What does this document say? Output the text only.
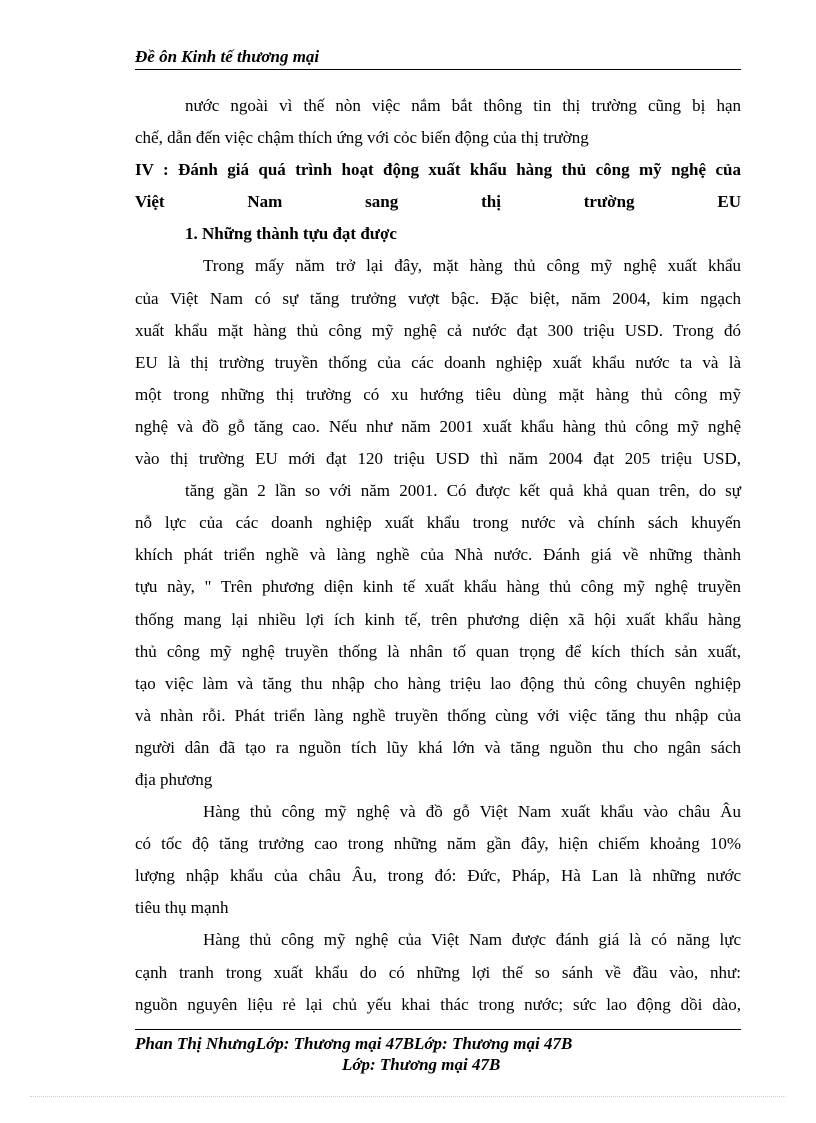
Đề ôn Kinh tế thương mại
nước ngoài vì thế nòn việc nắm bắt thông tin thị trường cũng bị hạn
chế, dẫn đến việc chậm thích ứng với cỏc biến động của thị trường
IV : Đánh giá quá trình hoạt động xuất khẩu hàng thủ công mỹ nghệ của
Việt Nam sang thị trường EU
1. Những thành tựu đạt được
Trong mấy năm trở lại đây, mặt hàng thủ công mỹ nghệ xuất khẩu
của Việt Nam có sự tăng trưởng vượt bậc. Đặc biệt, năm 2004, kim ngạch
xuất khẩu mặt hàng thủ công mỹ nghệ cả nước đạt 300 triệu USD. Trong đó
EU là thị trường truyền thống của các doanh nghiệp xuất khẩu nước ta và là
một trong những thị trường có xu hướng tiêu dùng mặt hàng thủ công mỹ
nghệ và đồ gỗ tăng cao. Nếu như năm 2001 xuất khẩu hàng thủ công mỹ nghệ
vào thị trường EU mới đạt 120 triệu USD thì năm 2004 đạt 205 triệu USD,
tăng gần 2 lần so với năm 2001. Có được kết quả khả quan trên, do sự
nỗ lực của các doanh nghiệp xuất khẩu trong nước và chính sách khuyến
khích phát triển nghề và làng nghề của Nhà nước. Đánh giá về những thành
tựu này, " Trên phương diện kinh tế xuất khẩu hàng thủ công mỹ nghệ truyền
thống mang lại nhiều lợi ích kinh tế, trên phương diện xã hội xuất khẩu hàng
thủ công mỹ nghệ truyền thống là nhân tố quan trọng để kích thích sản xuất,
tạo việc làm và tăng thu nhập cho hàng triệu lao động thủ công chuyên nghiệp
và nhàn rỗi. Phát triển làng nghề truyền thống cùng với việc tăng thu nhập của
người dân đã tạo ra nguồn tích lũy khá lớn và tăng nguồn thu cho ngân sách
địa phương
Hàng thủ công mỹ nghệ và đồ gỗ Việt Nam xuất khẩu vào châu Âu
có tốc độ tăng trưởng cao trong những năm gần đây, hiện chiếm khoảng 10%
lượng nhập khẩu của châu Âu, trong đó: Đức, Pháp, Hà Lan là những nước
tiêu thụ mạnh
Hàng thủ công mỹ nghệ của Việt Nam được đánh giá là có năng lực
cạnh tranh trong xuất khẩu do có những lợi thế so sánh về đầu vào, như:
nguồn nguyên liệu rẻ lại chủ yếu khai thác trong nước; sức lao động dồi dào,
Phan Thị NhưngLớp: Thương mại 47BLớp: Thương mại 47B
Lớp: Thương mại 47B
